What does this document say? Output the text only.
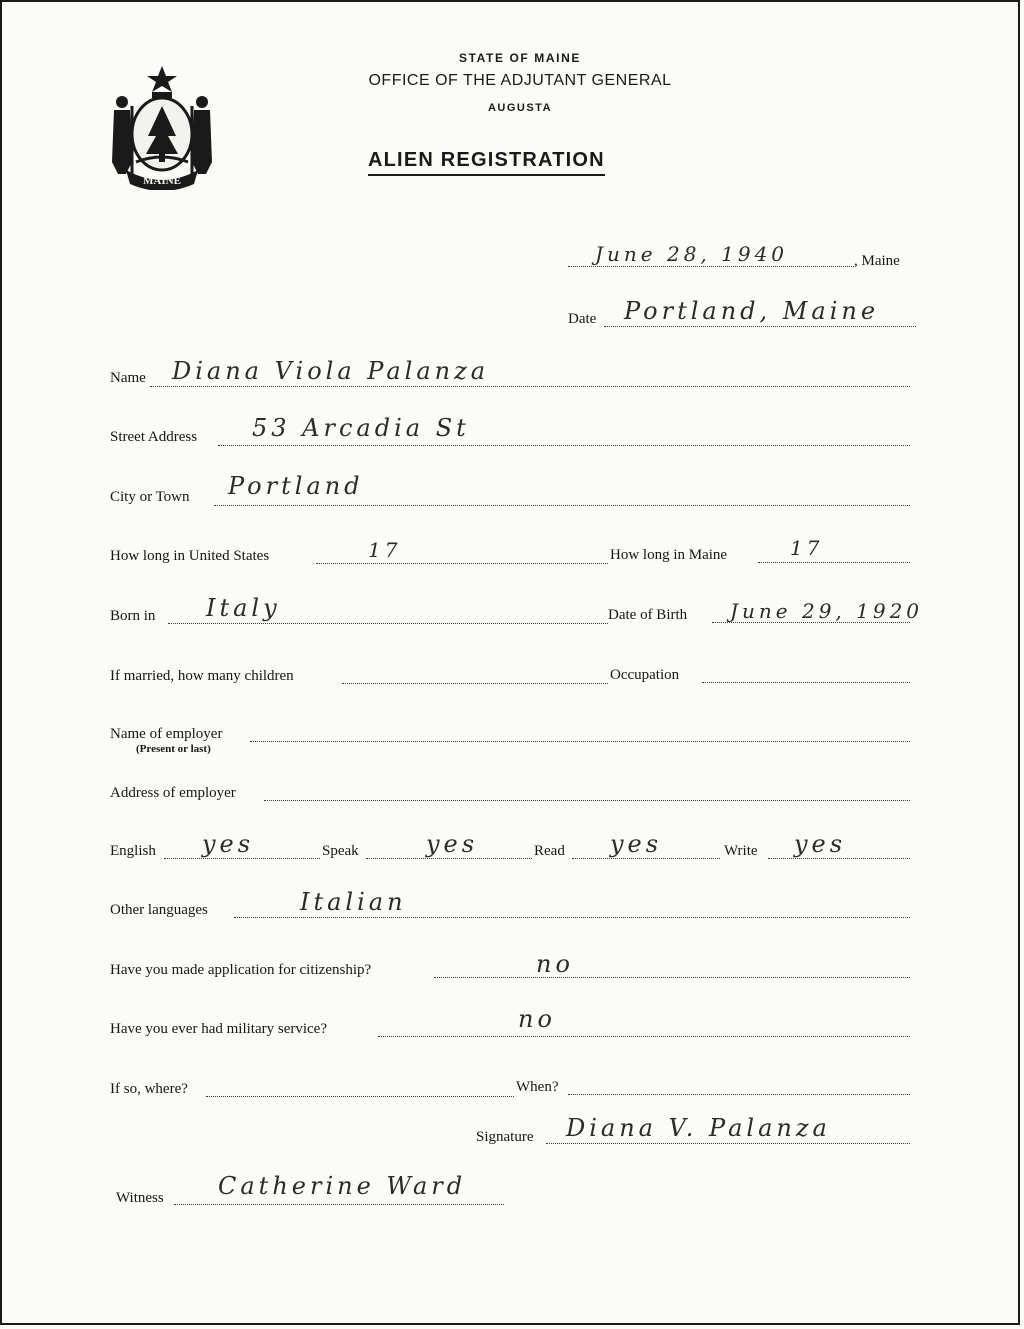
MAINE
STATE OF MAINE
OFFICE OF THE ADJUTANT GENERAL
AUGUSTA
ALIEN REGISTRATION
June 28, 1940	, Maine
Date Portland, Maine
Name Diana Viola Palanza
Street Address 53 Arcadia St
City or Town Portland
How long in United States	17	How long in Maine	17
Born in Italy	Date of Birth June 29, 1920
If married, how many children	Occupation
Name of employer
(Present or last)
Address of employer
English yes	Speak	yes	Read yes	Write yes
Other languages	Italian
Have you made application for citizenship?	no
Have you ever had military service?	no
If so, where?	When?
Signature Diana V. Palanza
Witness Catherine Ward
